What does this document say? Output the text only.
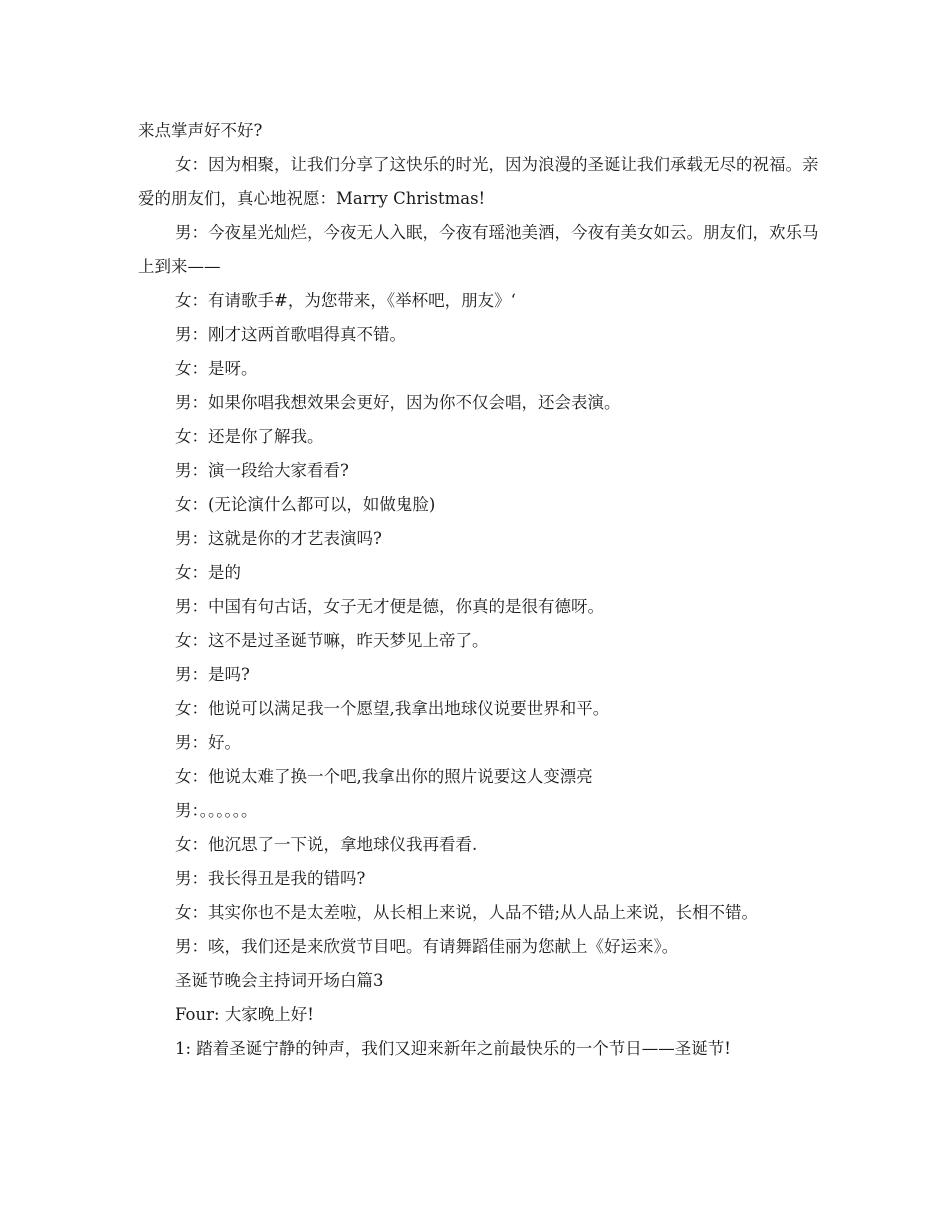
来点掌声好不好?

女：因为相聚，让我们分享了这快乐的时光，因为浪漫的圣诞让我们承载无尽的祝福。亲爱的朋友们，真心地祝愿：Marry Christmas!

男：今夜星光灿烂，今夜无人入眠，今夜有瑶池美酒，今夜有美女如云。朋友们，欢乐马上到来——

女：有请歌手#，为您带来，《举杯吧，朋友》‘

男：刚才这两首歌唱得真不错。

女：是呀。

男：如果你唱我想效果会更好，因为你不仅会唱，还会表演。

女：还是你了解我。

男：演一段给大家看看?

女：(无论演什么都可以，如做鬼脸)

男：这就是你的才艺表演吗?

女：是的

男：中国有句古话，女子无才便是德，你真的是很有德呀。

女：这不是过圣诞节嘛，昨天梦见上帝了。

男：是吗?

女：他说可以满足我一个愿望,我拿出地球仪说要世界和平。

男：好。

女：他说太难了换一个吧,我拿出你的照片说要这人变漂亮

男：。。。。。。

女：他沉思了一下说，拿地球仪我再看看.

男：我长得丑是我的错吗?

女：其实你也不是太差啦，从长相上来说，人品不错;从人品上来说，长相不错。

男：咳，我们还是来欣赏节目吧。有请舞蹈佳丽为您献上《好运来》。

圣诞节晚会主持词开场白篇3

Four: 大家晚上好!

1: 踏着圣诞宁静的钟声，我们又迎来新年之前最快乐的一个节日——圣诞节!
